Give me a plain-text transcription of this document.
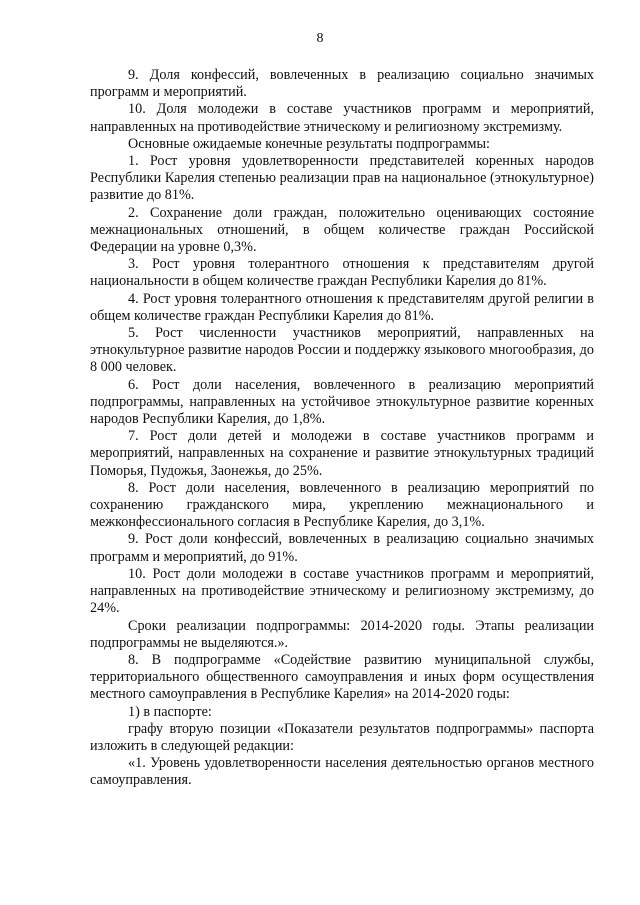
8

9. Доля конфессий, вовлеченных в реализацию социально значимых программ и мероприятий.

10. Доля молодежи в составе участников программ и мероприятий, направленных на противодействие этническому и религиозному экстремизму.

Основные ожидаемые конечные результаты подпрограммы:

1. Рост уровня удовлетворенности представителей коренных народов Республики Карелия степенью реализации прав на национальное (этнокультурное) развитие до 81%.

2. Сохранение доли граждан, положительно оценивающих состояние межнациональных отношений, в общем количестве граждан Российской Федерации на уровне 0,3%.

3. Рост уровня толерантного отношения к представителям другой национальности в общем количестве граждан Республики Карелия до 81%.

4. Рост уровня толерантного отношения к представителям другой религии в общем количестве граждан Республики Карелия до 81%.

5. Рост численности участников мероприятий, направленных на этнокультурное развитие народов России и поддержку языкового многообразия, до 8 000 человек.

6. Рост доли населения, вовлеченного в реализацию мероприятий подпрограммы, направленных на устойчивое этнокультурное развитие коренных народов Республики Карелия, до 1,8%.

7. Рост доли детей и молодежи в составе участников программ и мероприятий, направленных на сохранение и развитие этнокультурных традиций Поморья, Пудожья, Заонежья, до 25%.

8. Рост доли населения, вовлеченного в реализацию мероприятий по сохранению гражданского мира, укреплению межнационального и межконфессионального согласия в Республике Карелия, до 3,1%.

9. Рост доли конфессий, вовлеченных в реализацию социально значимых программ и мероприятий, до 91%.

10. Рост доли молодежи в составе участников программ и мероприятий, направленных на противодействие этническому и религиозному экстремизму, до 24%.

Сроки реализации подпрограммы: 2014-2020 годы. Этапы реализации подпрограммы не выделяются.».

8. В подпрограмме «Содействие развитию муниципальной службы, территориального общественного самоуправления и иных форм осуществления местного самоуправления в Республике Карелия» на 2014-2020 годы:

1) в паспорте:

графу вторую позиции «Показатели результатов подпрограммы» паспорта изложить в следующей редакции:

«1. Уровень удовлетворенности населения деятельностью органов местного самоуправления.
